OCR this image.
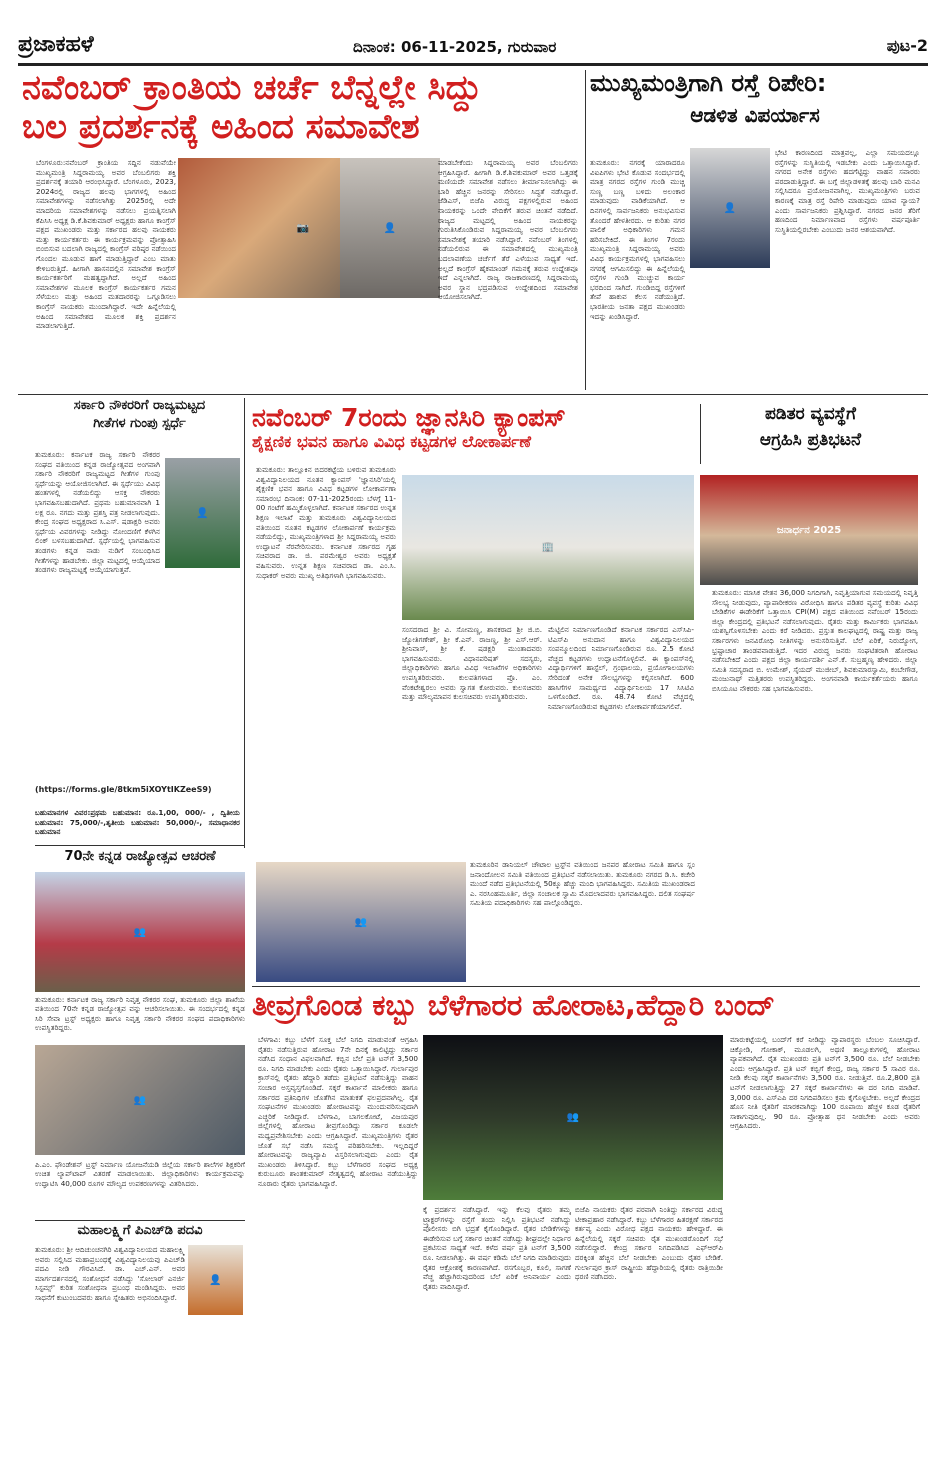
ಪ್ರಜಾಕಹಳೆ	ದಿನಾಂಕ: 06-11-2025, ಗುರುವಾರ	ಪುಟ-2
ನವೆಂಬರ್ ಕ್ರಾಂತಿಯ ಚರ್ಚೆ ಬೆನ್ನಲ್ಲೇ ಸಿದ್ದು
ಬಲ ಪ್ರದರ್ಶನಕ್ಕೆ ಅಹಿಂದ ಸಮಾವೇಶ
ಬೆಂಗಳೂರು:ನವೆಂಬರ್ ಕ್ರಾಂತಿಯ ಸದ್ದಿನ ನಡುವೆಯೇ ಮುಖ್ಯಮಂತ್ರಿ ಸಿದ್ದರಾಮಯ್ಯ ಅವರ ಬೆಂಬಲಿಗರು ಶಕ್ತಿ ಪ್ರದರ್ಶನಕ್ಕೆ ತಯಾರಿ ಆರಂಭಿಸಿದ್ದಾರೆ. ಬೆಂಗಳೂರು, 2023, 2024ರಲ್ಲಿ ರಾಜ್ಯದ ಹಲವು ಭಾಗಗಳಲ್ಲಿ ಅಹಿಂದ ಸಮಾವೇಶಗಳನ್ನು ನಡೆಸಲಾಗಿತ್ತು 2025ರಲ್ಲಿ ಅದೇ ಮಾದರಿಯ ಸಮಾವೇಶಗಳನ್ನು ನಡೆಸಲು ಪ್ರಯತ್ನಿಸಲಾಗಿ ಕೆಪಿಸಿಸಿ ಅಧ್ಯಕ್ಷ ಡಿ.ಕೆ.ಶಿವಕುಮಾರ್ ಅಧ್ಯಕ್ಷರು ಹಾಗೂ ಕಾಂಗ್ರೆಸ್ ಪಕ್ಷದ ಮುಖಂಡರು ಮತ್ತು ಸರ್ಕಾರದ ಹಲವು ನಾಯಕರು ಮತ್ತು ಕಾರ್ಯಕರ್ತರು ಈ ಕಾರ್ಯಕ್ರಮವನ್ನು ಪ್ರೋತ್ಸಾಹಿಸಿ ಬಿಂಬಿಸುವ ಬದಲಾಗಿ ರಾಜ್ಯದಲ್ಲಿ ಕಾಂಗ್ರೆಸ್ ವರಿಷ್ಠರ ನಡೆಯಿಂದ ಗೊಂದಲ ಮೂಡುವ ಹಾಗೆ ಮಾಡುತ್ತಿದ್ದಾರೆ ಎಂಬ ಮಾತು ಕೇಳಿಬರುತ್ತಿದೆ. ಹೀಗಾಗಿ ಹಾಸನದಲ್ಲಿನ ಸಮಾವೇಶ ಕಾಂಗ್ರೆಸ್ ಕಾರ್ಯಕರ್ತರಿಗೆ ಮಹತ್ವದ್ದಾಗಿದೆ. ಅಲ್ಲದೆ ಅಹಿಂದ ಸಮಾವೇಶಗಳ ಮೂಲಕ ಕಾಂಗ್ರೆಸ್ ಕಾರ್ಯಕರ್ತರ ಗಮನ ಸೆಳೆಯಲು ಮತ್ತು ಅಹಿಂದ ಮತದಾರರನ್ನು ಒಗ್ಗೂಡಿಸಲು ಕಾಂಗ್ರೆಸ್ ನಾಯಕರು ಮುಂದಾಗಿದ್ದಾರೆ. ಇದೇ ಹಿನ್ನೆಲೆಯಲ್ಲಿ ಅಹಿಂದ ಸಮಾವೇಶದ ಮೂಲಕ ಶಕ್ತಿ ಪ್ರದರ್ಶನ ಮಾಡಲಾಗುತ್ತಿದೆ.
📷	👤
ಮಾಡಬೇಕೆಂದು ಸಿದ್ದರಾಮಯ್ಯ ಅವರ ಬೆಂಬಲಿಗರು ಆಗ್ರಹಿಸಿದ್ದಾರೆ. ಹೀಗಾಗಿ ಡಿ.ಕೆ.ಶಿವಕುಮಾರ್ ಅವರ ಒತ್ತಡಕ್ಕೆ ಮಣಿಯದೇ ಸಮಾವೇಶ ನಡೆಸಲು ತೀರ್ಮಾನಿಸಲಾಗಿದ್ದು ಈ ಬಾರಿ ಹೆಚ್ಚಿನ ಜನರನ್ನು ಸೇರಿಸಲು ಸಿದ್ಧತೆ ನಡೆಸಿದ್ದಾರೆ. ಜೆಡಿಎಸ್, ಬಿಜೆಪಿ ವಿರುದ್ಧ ಪಕ್ಷಗಳಲ್ಲಿರುವ ಅಹಿಂದ ನಾಯಕರನ್ನು ಒಂದೇ ವೇದಿಕೆಗೆ ತರುವ ಚಿಂತನೆ ನಡೆದಿದೆ. ರಾಜ್ಯದ ಮಟ್ಟದಲ್ಲಿ ಅಹಿಂದ ನಾಯಕರನ್ನು ಗುರುತಿಸಿಕೊಂಡಿರುವ ಸಿದ್ದರಾಮಯ್ಯ ಅವರ ಬೆಂಬಲಿಗರು ಸಮಾವೇಶಕ್ಕೆ ತಯಾರಿ ನಡೆಸಿದ್ದಾರೆ. ನವೆಂಬರ್ ತಿಂಗಳಲ್ಲಿ ನಡೆಯಲಿರುವ ಈ ಸಮಾವೇಶದಲ್ಲಿ ಮುಖ್ಯಮಂತ್ರಿ ಬದಲಾವಣೆಯ ಚರ್ಚೆಗೆ ತೆರೆ ಎಳೆಯುವ ಸಾಧ್ಯತೆ ಇದೆ. ಅಲ್ಲದೆ ಕಾಂಗ್ರೆಸ್ ಹೈಕಮಾಂಡ್ ಗಮನಕ್ಕೆ ತರುವ ಉದ್ದೇಶವೂ ಇದೆ ಎನ್ನಲಾಗಿದೆ. ರಾಜ್ಯ ರಾಜಕಾರಣದಲ್ಲಿ ಸಿದ್ದರಾಮಯ್ಯ ಅವರ ಸ್ಥಾನ ಭದ್ರಪಡಿಸುವ ಉದ್ದೇಶದಿಂದ ಸಮಾವೇಶ ಆಯೋಜಿಸಲಾಗಿದೆ.
ಮುಖ್ಯಮಂತ್ರಿಗಾಗಿ ರಸ್ತೆ ರಿಪೇರಿ:
ಆಡಳಿತ ವಿಪರ್ಯಾಸ
ತುಮಕೂರು: ನಗರಕ್ಕೆ ಯಾರಾದರೂ ವಿಐಪಿಗಳು ಭೇಟಿ ಕೊಡುವ ಸಂದರ್ಭದಲ್ಲಿ ಮಾತ್ರ ನಗರದ ರಸ್ತೆಗಳ ಗುಂಡಿ ಮುಚ್ಚಿ ಸುಣ್ಣ ಬಣ್ಣ ಬಳಿದು ಅಲಂಕಾರ ಮಾಡುವುದು ವಾಡಿಕೆಯಾಗಿದೆ. ಆ ದಿನಗಳಲ್ಲಿ ಸಾರ್ವಜನಿಕರು ಅನುಭವಿಸುವ ತೊಂದರೆ ಹೇಳತೀರದು. ಆ ಕುರಿತು ನಗರ ಪಾಲಿಕೆ ಅಧಿಕಾರಿಗಳು ಗಮನ ಹರಿಸಬೇಕಿದೆ. ಈ ತಿಂಗಳ 7ರಂದು ಮುಖ್ಯಮಂತ್ರಿ ಸಿದ್ದರಾಮಯ್ಯ ಅವರು ವಿವಿಧ ಕಾರ್ಯಕ್ರಮಗಳಲ್ಲಿ ಭಾಗವಹಿಸಲು ನಗರಕ್ಕೆ ಆಗಮಿಸಲಿದ್ದು ಈ ಹಿನ್ನೆಲೆಯಲ್ಲಿ ರಸ್ತೆಗಳ ಗುಂಡಿ ಮುಚ್ಚುವ ಕಾರ್ಯ ಭರದಿಂದ ಸಾಗಿದೆ. ಗುಂಡಿಬಿದ್ದ ರಸ್ತೆಗಳಿಗೆ ತೇಪೆ ಹಾಕುವ ಕೆಲಸ ನಡೆಯುತ್ತಿದೆ. ಭಾರತೀಯ ಜನತಾ ಪಕ್ಷದ ಮುಖಂಡರು ಇದನ್ನು ಖಂಡಿಸಿದ್ದಾರೆ.
👤
ಭೇಟಿ ಕಾರಣದಿಂದ ಮಾತ್ರವಲ್ಲ, ಎಲ್ಲಾ ಸಮಯದಲ್ಲೂ ರಸ್ತೆಗಳನ್ನು ಸುಸ್ಥಿತಿಯಲ್ಲಿ ಇಡಬೇಕು ಎಂದು ಒತ್ತಾಯಿಸಿದ್ದಾರೆ. ನಗರದ ಅನೇಕ ರಸ್ತೆಗಳು ಹದಗೆಟ್ಟಿದ್ದು ವಾಹನ ಸವಾರರು ಪರದಾಡುತ್ತಿದ್ದಾರೆ. ಈ ಬಗ್ಗೆ ಜಿಲ್ಲಾಡಳಿತಕ್ಕೆ ಹಲವು ಬಾರಿ ಮನವಿ ಸಲ್ಲಿಸಿದರೂ ಪ್ರಯೋಜನವಾಗಿಲ್ಲ. ಮುಖ್ಯಮಂತ್ರಿಗಳು ಬರುವ ಕಾರಣಕ್ಕೆ ಮಾತ್ರ ರಸ್ತೆ ರಿಪೇರಿ ಮಾಡುವುದು ಯಾವ ನ್ಯಾಯ? ಎಂದು ಸಾರ್ವಜನಿಕರು ಪ್ರಶ್ನಿಸಿದ್ದಾರೆ. ನಗರದ ಜನರ ತೆರಿಗೆ ಹಣದಿಂದ ನಿರ್ಮಾಣವಾದ ರಸ್ತೆಗಳು ವರ್ಷಪೂರ್ತಿ ಸುಸ್ಥಿತಿಯಲ್ಲಿರಬೇಕು ಎಂಬುದು ಜನರ ಆಶಯವಾಗಿದೆ.
ಸರ್ಕಾರಿ ನೌಕರರಿಗೆ ರಾಜ್ಯಮಟ್ಟದ
ಗೀತೆಗಳ ಗುಂಪು ಸ್ಪರ್ಧೆ
ತುಮಕೂರು: ಕರ್ನಾಟಕ ರಾಜ್ಯ ಸರ್ಕಾರಿ ನೌಕರರ ಸಂಘದ ವತಿಯಿಂದ ಕನ್ನಡ ರಾಜ್ಯೋತ್ಸವದ ಅಂಗವಾಗಿ ಸರ್ಕಾರಿ ನೌಕರರಿಗೆ ರಾಜ್ಯಮಟ್ಟದ ಗೀತೆಗಳ ಗುಂಪು ಸ್ಪರ್ಧೆಯನ್ನು ಆಯೋಜಿಸಲಾಗಿದೆ. ಈ ಸ್ಪರ್ಧೆಯು ವಿವಿಧ ಹಂತಗಳಲ್ಲಿ ನಡೆಯಲಿದ್ದು ಆಸಕ್ತ ನೌಕರರು ಭಾಗವಹಿಸಬಹುದಾಗಿದೆ. ಪ್ರಥಮ ಬಹುಮಾನವಾಗಿ 1 ಲಕ್ಷ ರೂ. ನಗದು ಮತ್ತು ಪ್ರಶಸ್ತಿ ಪತ್ರ ನೀಡಲಾಗುವುದು. ಕೇಂದ್ರ ಸಂಘದ ಅಧ್ಯಕ್ಷರಾದ ಸಿ.ಎಸ್. ಷಡಾಕ್ಷರಿ ಅವರು ಸ್ಪರ್ಧೆಯ ವಿವರಗಳನ್ನು ನೀಡಿದ್ದು ನೋಂದಣಿಗೆ ಕೆಳಗಿನ ಲಿಂಕ್ ಬಳಸಬಹುದಾಗಿದೆ. ಸ್ಪರ್ಧೆಯಲ್ಲಿ ಭಾಗವಹಿಸುವ ತಂಡಗಳು ಕನ್ನಡ ನಾಡು ನುಡಿಗೆ ಸಂಬಂಧಿಸಿದ ಗೀತೆಗಳನ್ನು ಹಾಡಬೇಕು. ಜಿಲ್ಲಾ ಮಟ್ಟದಲ್ಲಿ ಆಯ್ಕೆಯಾದ ತಂಡಗಳು ರಾಜ್ಯಮಟ್ಟಕ್ಕೆ ಆಯ್ಕೆಯಾಗುತ್ತವೆ.
👤
(https://forms.gle/8tkm5iXOYtIKZeeS9)
ಬಹುಮಾನಗಳ ವಿವರ:ಪ್ರಥಮ ಬಹುಮಾನ: ರೂ.1,00, 000/- , ದ್ವಿತೀಯ ಬಹುಮಾನ: 75,000/-,ತೃತೀಯ ಬಹುಮಾನ: 50,000/-, ಸಮಾಧಾನಕರ ಬಹುಮಾನ
70ನೇ ಕನ್ನಡ ರಾಜ್ಯೋತ್ಸವ ಆಚರಣೆ
👥
ತುಮಕೂರು: ಕರ್ನಾಟಕ ರಾಜ್ಯ ಸರ್ಕಾರಿ ನಿವೃತ್ತ ನೌಕರರ ಸಂಘ, ತುಮಕೂರು ಜಿಲ್ಲಾ ಶಾಖೆಯ ವತಿಯಿಂದ 70ನೇ ಕನ್ನಡ ರಾಜ್ಯೋತ್ಸವ ವನ್ನು ಆಚರಿಸಲಾಯಿತು. ಈ ಸಂದರ್ಭದಲ್ಲಿ ಕನ್ನಡ ಸಿರಿ ಸೇವಾ ಟ್ರಸ್ಟ್ ಅಧ್ಯಕ್ಷರು ಹಾಗೂ ನಿವೃತ್ತ ಸರ್ಕಾರಿ ನೌಕರರ ಸಂಘದ ಪದಾಧಿಕಾರಿಗಳು ಉಪಸ್ಥಿತರಿದ್ದರು.
👥
ಪಿ.ಎಂ. ಫೌಂಡೇಶನ್ ಟ್ರಸ್ಟ್ ನಿರ್ಮಾಣ ಯೋಜನೆಯಡಿ ಜಿಲ್ಲೆಯ ಸರ್ಕಾರಿ ಶಾಲೆಗಳ ಶಿಕ್ಷಕರಿಗೆ ಉಚಿತ ಲ್ಯಾಪ್‌ಟಾಪ್ ವಿತರಣೆ ಮಾಡಲಾಯಿತು. ಜಿಲ್ಲಾಧಿಕಾರಿಗಳು ಕಾರ್ಯಕ್ರಮವನ್ನು ಉದ್ಘಾಟಿಸಿ 40,000 ರೂಗಳ ಮೌಲ್ಯದ ಉಪಕರಣಗಳನ್ನು ವಿತರಿಸಿದರು.
ಮಹಾಲಕ್ಷ್ಮಿಗೆ ಪಿಎಚ್‌ಡಿ ಪದವಿ
ತುಮಕೂರು: ಶ್ರೀ ಆದಿಚುಂಚನಗಿರಿ ವಿಶ್ವವಿದ್ಯಾನಿಲಯದ ಮಹಾಲಕ್ಷ್ಮಿ ಅವರು ಸಲ್ಲಿಸಿದ ಮಹಾಪ್ರಬಂಧಕ್ಕೆ ವಿಶ್ವವಿದ್ಯಾನಿಲಯವು ಪಿಎಚ್‌ಡಿ ಪದವಿ ನೀಡಿ ಗೌರವಿಸಿದೆ. ಡಾ. ಎಚ್.ಎನ್. ಅವರ ಮಾರ್ಗದರ್ಶನದಲ್ಲಿ ಸಂಶೋಧನೆ ನಡೆಸಿದ್ದು 'ಸೋಲಾರ್ ಎನರ್ಜಿ ಸಿಸ್ಟಮ್ಸ್' ಕುರಿತ ಸಂಶೋಧನಾ ಪ್ರಬಂಧ ಮಂಡಿಸಿದ್ದರು. ಅವರ ಸಾಧನೆಗೆ ಕುಟುಂಬದವರು ಹಾಗೂ ಸ್ನೇಹಿತರು ಅಭಿನಂದಿಸಿದ್ದಾರೆ.
👤
ನವೆಂಬರ್ 7ರಂದು ಜ್ಞಾನಸಿರಿ ಕ್ಯಾಂಪಸ್
ಶೈಕ್ಷಣಿಕ ಭವನ ಹಾಗೂ ವಿವಿಧ ಕಟ್ಟಡಗಳ ಲೋಕಾರ್ಪಣೆ
ತುಮಕೂರು: ತಾಲ್ಲೂಕಿನ ಬಿದರಕಟ್ಟೆಯ ಬಳಿರುವ ತುಮಕೂರು ವಿಶ್ವವಿದ್ಯಾನಿಲಯದ ನೂತನ ಕ್ಯಾಂಪಸ್ 'ಜ್ಞಾನಸಿರಿ'ಯಲ್ಲಿ ಶೈಕ್ಷಣಿಕ ಭವನ ಹಾಗೂ ವಿವಿಧ ಕಟ್ಟಡಗಳ ಲೋಕಾರ್ಪಣಾ ಸಮಾರಂಭ ದಿನಾಂಕ: 07-11-2025ರಂದು ಬೆಳಗ್ಗೆ 11-00 ಗಂಟೆಗೆ ಹಮ್ಮಿಕೊಳ್ಳಲಾಗಿದೆ. ಕರ್ನಾಟಕ ಸರ್ಕಾರದ ಉನ್ನತ ಶಿಕ್ಷಣ ಇಲಾಖೆ ಮತ್ತು ತುಮಕೂರು ವಿಶ್ವವಿದ್ಯಾನಿಲಯದ ವತಿಯಿಂದ ನೂತನ ಕಟ್ಟಡಗಳ ಲೋಕಾರ್ಪಣೆ ಕಾರ್ಯಕ್ರಮ ನಡೆಯಲಿದ್ದು, ಮುಖ್ಯಮಂತ್ರಿಗಳಾದ ಶ್ರೀ ಸಿದ್ದರಾಮಯ್ಯ ಅವರು ಉದ್ಘಾಟನೆ ನೆರವೇರಿಸುವರು. ಕರ್ನಾಟಕ ಸರ್ಕಾರದ ಗೃಹ ಸಚಿವರಾದ ಡಾ. ಜಿ. ಪರಮೇಶ್ವರ ಅವರು ಅಧ್ಯಕ್ಷತೆ ವಹಿಸುವರು. ಉನ್ನತ ಶಿಕ್ಷಣ ಸಚಿವರಾದ ಡಾ. ಎಂ.ಸಿ. ಸುಧಾಕರ್ ಅವರು ಮುಖ್ಯ ಅತಿಥಿಗಳಾಗಿ ಭಾಗವಹಿಸುವರು.
🏢
ಸಂಸದರಾದ ಶ್ರೀ ವಿ. ಸೋಮಣ್ಣ, ಶಾಸಕರಾದ ಶ್ರೀ ಜಿ.ಬಿ. ಜ್ಯೋತಿಗಣೇಶ್, ಶ್ರೀ ಕೆ.ಎನ್. ರಾಜಣ್ಣ, ಶ್ರೀ ಎಸ್.ಆರ್. ಶ್ರೀನಿವಾಸ್, ಶ್ರೀ ಕೆ. ಷಡಕ್ಷರಿ ಮುಂತಾದವರು ಭಾಗವಹಿಸುವರು. ವಿಧಾನಪರಿಷತ್ ಸದಸ್ಯರು, ಜಿಲ್ಲಾಧಿಕಾರಿಗಳು ಹಾಗೂ ವಿವಿಧ ಇಲಾಖೆಗಳ ಅಧಿಕಾರಿಗಳು ಉಪಸ್ಥಿತರಿರುವರು. ಕುಲಪತಿಗಳಾದ ಪ್ರೊ. ಎಂ. ವೆಂಕಟೇಶ್ವರಲು ಅವರು ಸ್ವಾಗತ ಕೋರುವರು. ಕುಲಸಚಿವರು ಮತ್ತು ಮೌಲ್ಯಮಾಪನ ಕುಲಸಚಿವರು ಉಪಸ್ಥಿತರಿರುವರು.
ಮೆಟ್ಟಿಲಿನ ನಿರ್ಮಾಣಗೊಂಡಿದೆ ಕರ್ನಾಟಕ ಸರ್ಕಾರದ ಎಸ್‌ಸಿಪಿ-ಟಿಎಸ್‌ಪಿ ಅನುದಾನ ಹಾಗೂ ವಿಶ್ವವಿದ್ಯಾನಿಲಯದ ಸಂಪನ್ಮೂಲದಿಂದ ನಿರ್ಮಾಣಗೊಂಡಿರುವ ರೂ. 2.5 ಕೋಟಿ ವೆಚ್ಚದ ಕಟ್ಟಡಗಳು ಉದ್ಘಾಟನೆಗೊಳ್ಳಲಿವೆ. ಈ ಕ್ಯಾಂಪಸ್‌ನಲ್ಲಿ ವಿದ್ಯಾರ್ಥಿಗಳಿಗೆ ಹಾಸ್ಟೆಲ್, ಗ್ರಂಥಾಲಯ, ಪ್ರಯೋಗಾಲಯಗಳು ಸೇರಿದಂತೆ ಅನೇಕ ಸೌಲಭ್ಯಗಳನ್ನು ಕಲ್ಪಿಸಲಾಗಿದೆ. 600 ಹಾಸಿಗೆಗಳ ಸಾಮರ್ಥ್ಯದ ವಿದ್ಯಾರ್ಥಿನಿಲಯ 17 ಸಿಸಿಟಿವಿ ಒಳಗೊಂಡಿದೆ. ರೂ. 48.74 ಕೋಟಿ ವೆಚ್ಚದಲ್ಲಿ ನಿರ್ಮಾಣಗೊಂಡಿರುವ ಕಟ್ಟಡಗಳು ಲೋಕಾರ್ಪಣೆಯಾಗಲಿವೆ.
👥
ತುಮಕೂರಿನ ಡಾನಿಯಲ್ ಚೌಟಾಲ ಟ್ರಸ್ಟ್‌ನ ವತಿಯಿಂದ ಜನಪರ ಹೋರಾಟ ಸಮಿತಿ ಹಾಗೂ ಸ್ಲಂ ಜನಾಂದೋಲನ ಸಮಿತಿ ವತಿಯಿಂದ ಪ್ರತಿಭಟನೆ ನಡೆಸಲಾಯಿತು. ತುಮಕೂರು ನಗರದ ಡಿ.ಸಿ. ಕಚೇರಿ ಮುಂದೆ ನಡೆದ ಪ್ರತಿಭಟನೆಯಲ್ಲಿ 50ಕ್ಕೂ ಹೆಚ್ಚು ಮಂದಿ ಭಾಗವಹಿಸಿದ್ದರು. ಸಮಿತಿಯ ಮುಖಂಡರಾದ ಎ. ನರಸಿಂಹಮೂರ್ತಿ, ಜಿಲ್ಲಾ ಸಂಚಾಲಕ ಸ್ವಾಮಿ ಮೊದಲಾದವರು ಭಾಗವಹಿಸಿದ್ದರು. ದಲಿತ ಸಂಘರ್ಷ ಸಮಿತಿಯ ಪದಾಧಿಕಾರಿಗಳು ಸಹ ಪಾಲ್ಗೊಂಡಿದ್ದರು.
ಪಡಿತರ ವ್ಯವಸ್ಥೆಗೆ
ಆಗ್ರಹಿಸಿ ಪ್ರತಿಭಟನೆ
ಜನಾರ್ಧನ 2025
ತುಮಕೂರು: ಮಾಸಿಕ ವೇತನ 36,000 ನಿಗದಿಗಾಗಿ, ನಿವೃತ್ತಿಯಾಗುವ ಸಮಯದಲ್ಲಿ ನಿವೃತ್ತಿ ಸೌಲಭ್ಯ ನೀಡುವುದು, ವ್ಯಾಪಾರೀಕರಣ ವಿರೋಧಿಸಿ ಹಾಗೂ ಪಡಿತರ ವ್ಯವಸ್ಥೆ ಕುರಿತು ವಿವಿಧ ಬೇಡಿಕೆಗಳ ಈಡೇರಿಕೆಗೆ ಒತ್ತಾಯಿಸಿ CPI(M) ಪಕ್ಷದ ವತಿಯಿಂದ ನವೆಂಬರ್ 15ರಂದು ಜಿಲ್ಲಾ ಕೇಂದ್ರದಲ್ಲಿ ಪ್ರತಿಭಟನೆ ನಡೆಸಲಾಗುವುದು. ರೈತರು ಮತ್ತು ಕಾರ್ಮಿಕರು ಭಾಗವಹಿಸಿ ಯಶಸ್ವಿಗೊಳಿಸಬೇಕು ಎಂದು ಕರೆ ನೀಡಿದರು. ಪ್ರಸ್ತುತ ಕಾಲಘಟ್ಟದಲ್ಲಿ ರಾಷ್ಟ್ರ ಮತ್ತು ರಾಜ್ಯ ಸರ್ಕಾರಗಳು ಜನವಿರೋಧಿ ನೀತಿಗಳನ್ನು ಅನುಸರಿಸುತ್ತಿವೆ. ಬೆಲೆ ಏರಿಕೆ, ನಿರುದ್ಯೋಗ, ಭ್ರಷ್ಟಾಚಾರ ತಾಂಡವವಾಡುತ್ತಿದೆ. ಇದರ ವಿರುದ್ಧ ಜನರು ಸಂಘಟಿತರಾಗಿ ಹೋರಾಟ ನಡೆಸಬೇಕಿದೆ ಎಂದು ಪಕ್ಷದ ಜಿಲ್ಲಾ ಕಾರ್ಯದರ್ಶಿ ಎನ್.ಕೆ. ಸುಬ್ರಹ್ಮಣ್ಯ ಹೇಳಿದರು. ಜಿಲ್ಲಾ ಸಮಿತಿ ಸದಸ್ಯರಾದ ಬಿ. ಉಮೇಶ್, ಸೈಯದ್ ಮುಜೀಬ್, ಶಿವಕುಮಾರಸ್ವಾಮಿ, ಕಂಬೇಗೌಡ, ಮಂಜುನಾಥ್ ಮತ್ತಿತರರು ಉಪಸ್ಥಿತರಿದ್ದರು. ಅಂಗನವಾಡಿ ಕಾರ್ಯಕರ್ತೆಯರು ಹಾಗೂ ಬಿಸಿಯೂಟ ನೌಕರರು ಸಹ ಭಾಗವಹಿಸುವರು.
ತೀವ್ರಗೊಂಡ ಕಬ್ಬು ಬೆಳೆಗಾರರ ಹೋರಾಟ,ಹೆದ್ದಾರಿ ಬಂದ್
ಬೆಳಗಾವಿ: ಕಬ್ಬು ಬೆಳೆಗೆ ಸೂಕ್ತ ಬೆಲೆ ನಿಗದಿ ಮಾಡುವಂತೆ ಆಗ್ರಹಿಸಿ ರೈತರು ನಡೆಸುತ್ತಿರುವ ಹೋರಾಟ 7ನೇ ದಿನಕ್ಕೆ ಕಾಲಿಟ್ಟಿದ್ದು ಸರ್ಕಾರ ನಡೆಸಿದ ಸಂಧಾನ ವಿಫಲವಾಗಿದೆ. ಕಬ್ಬಿನ ಬೆಲೆ ಪ್ರತಿ ಟನ್‌ಗೆ 3,500 ರೂ. ನಿಗದಿ ಮಾಡಬೇಕು ಎಂದು ರೈತರು ಒತ್ತಾಯಿಸಿದ್ದಾರೆ. ಗುರ್ಲಾಪುರ ಕ್ರಾಸ್‌ನಲ್ಲಿ ರೈತರು ಹೆದ್ದಾರಿ ತಡೆದು ಪ್ರತಿಭಟನೆ ನಡೆಸುತ್ತಿದ್ದು ವಾಹನ ಸಂಚಾರ ಅಸ್ತವ್ಯಸ್ತಗೊಂಡಿದೆ. ಸಕ್ಕರೆ ಕಾರ್ಖಾನೆ ಮಾಲೀಕರು ಹಾಗೂ ಸರ್ಕಾರದ ಪ್ರತಿನಿಧಿಗಳ ಜೊತೆಗಿನ ಮಾತುಕತೆ ಫಲಪ್ರದವಾಗಿಲ್ಲ. ರೈತ ಸಂಘಟನೆಗಳ ಮುಖಂಡರು ಹೋರಾಟವನ್ನು ಮುಂದುವರಿಸುವುದಾಗಿ ಎಚ್ಚರಿಕೆ ನೀಡಿದ್ದಾರೆ. ಬೆಳಗಾವಿ, ಬಾಗಲಕೋಟೆ, ವಿಜಯಪುರ ಜಿಲ್ಲೆಗಳಲ್ಲಿ ಹೋರಾಟ ತೀವ್ರಗೊಂಡಿದ್ದು ಸರ್ಕಾರ ಕೂಡಲೇ ಮಧ್ಯಪ್ರವೇಶಿಸಬೇಕು ಎಂದು ಆಗ್ರಹಿಸಿದ್ದಾರೆ. ಮುಖ್ಯಮಂತ್ರಿಗಳು ರೈತರ ಜೊತೆ ಸಭೆ ನಡೆಸಿ ಸಮಸ್ಯೆ ಪರಿಹರಿಸಬೇಕು. ಇಲ್ಲದಿದ್ದರೆ ಹೋರಾಟವನ್ನು ರಾಜ್ಯವ್ಯಾಪಿ ವಿಸ್ತರಿಸಲಾಗುವುದು ಎಂದು ರೈತ ಮುಖಂಡರು ತಿಳಿಸಿದ್ದಾರೆ. ಕಬ್ಬು ಬೆಳೆಗಾರರ ಸಂಘದ ಅಧ್ಯಕ್ಷ ಕುರುಬೂರು ಶಾಂತಕುಮಾರ್ ನೇತೃತ್ವದಲ್ಲಿ ಹೋರಾಟ ನಡೆಯುತ್ತಿದ್ದು ನೂರಾರು ರೈತರು ಭಾಗವಹಿಸಿದ್ದಾರೆ.
👥
ಕ್ಕೆ ಪ್ರದರ್ಶನ ನಡೆಸಿದ್ದಾರೆ. ಇನ್ನು ಕೆಲವು ರೈತರು ತಮ್ಮ ಟ್ರ್ಯಾಕ್ಟರ್‌ಗಳನ್ನು ರಸ್ತೆಗೆ ತಂದು ನಿಲ್ಲಿಸಿ ಪ್ರತಿಭಟನೆ ನಡೆಸಿದ್ದು ಪೊಲೀಸರು ಬಿಗಿ ಭದ್ರತೆ ಕೈಗೊಂಡಿದ್ದಾರೆ. ರೈತರ ಬೇಡಿಕೆಗಳನ್ನು ಈಡೇರಿಸುವ ಬಗ್ಗೆ ಸರ್ಕಾರ ಚಿಂತನೆ ನಡೆಸಿದ್ದು ಶೀಘ್ರದಲ್ಲೇ ನಿರ್ಧಾರ ಪ್ರಕಟಿಸುವ ಸಾಧ್ಯತೆ ಇದೆ. ಕಳೆದ ವರ್ಷ ಪ್ರತಿ ಟನ್‌ಗೆ 3,500 ರೂ. ನೀಡಲಾಗಿತ್ತು. ಈ ವರ್ಷ ಕಡಿಮೆ ಬೆಲೆ ನಿಗದಿ ಮಾಡಿರುವುದು ರೈತರ ಆಕ್ರೋಶಕ್ಕೆ ಕಾರಣವಾಗಿದೆ. ರಸಗೊಬ್ಬರ, ಕೂಲಿ, ಸಾಗಣೆ ವೆಚ್ಚ ಹೆಚ್ಚಾಗಿರುವುದರಿಂದ ಬೆಲೆ ಏರಿಕೆ ಅನಿವಾರ್ಯ ಎಂದು ರೈತರು ವಾದಿಸಿದ್ದಾರೆ.
ಬಿಜೆಪಿ ನಾಯಕರು ರೈತರ ಪರವಾಗಿ ನಿಂತಿದ್ದು ಸರ್ಕಾರದ ವಿರುದ್ಧ ಟೀಕಾಪ್ರಹಾರ ನಡೆಸಿದ್ದಾರೆ. ಕಬ್ಬು ಬೆಳೆಗಾರರ ಹಿತರಕ್ಷಣೆ ಸರ್ಕಾರದ ಕರ್ತವ್ಯ ಎಂದು ವಿರೋಧ ಪಕ್ಷದ ನಾಯಕರು ಹೇಳಿದ್ದಾರೆ. ಈ ಹಿನ್ನೆಲೆಯಲ್ಲಿ ಸಕ್ಕರೆ ಸಚಿವರು ರೈತ ಮುಖಂಡರೊಂದಿಗೆ ಸಭೆ ನಡೆಸಲಿದ್ದಾರೆ. ಕೇಂದ್ರ ಸರ್ಕಾರ ನಿಗದಿಪಡಿಸಿದ ಎಫ್‌ಆರ್‌ಪಿ ದರಕ್ಕಿಂತ ಹೆಚ್ಚಿನ ಬೆಲೆ ನೀಡಬೇಕು ಎಂಬುದು ರೈತರ ಬೇಡಿಕೆ. ಗುರ್ಲಾಪುರ ಕ್ರಾಸ್ ರಾಷ್ಟ್ರೀಯ ಹೆದ್ದಾರಿಯಲ್ಲಿ ರೈತರು ರಾತ್ರಿಯಿಡೀ ಧರಣಿ ನಡೆಸಿದರು.
ಮಾರುಕಟ್ಟೆಯಲ್ಲಿ ಬಂದ್‌ಗೆ ಕರೆ ನೀಡಿದ್ದು ವ್ಯಾಪಾರಸ್ಥರು ಬೆಂಬಲ ಸೂಚಿಸಿದ್ದಾರೆ. ಚಿಕ್ಕೋಡಿ, ಗೋಕಾಕ್, ಮೂಡಲಗಿ, ಅಥಣಿ ತಾಲ್ಲೂಕುಗಳಲ್ಲಿ ಹೋರಾಟ ವ್ಯಾಪಕವಾಗಿದೆ. ರೈತ ಮುಖಂಡರು ಪ್ರತಿ ಟನ್‌ಗೆ 3,500 ರೂ. ಬೆಲೆ ನೀಡಬೇಕು ಎಂದು ಆಗ್ರಹಿಸಿದ್ದಾರೆ. ಪ್ರತಿ ಟನ್ ಕಬ್ಬಿಗೆ ಕೇಂದ್ರ, ರಾಜ್ಯ ಸರ್ಕಾರ 5 ಸಾವಿರ ರೂ. ನೀಡಿ ಕೆಲವು ಸಕ್ಕರೆ ಕಾರ್ಖಾನೆಗಳು 3,500 ರೂ. ನೀಡುತ್ತಿವೆ. ರೂ.2,800 ಪ್ರತಿ ಟನ್‌ಗೆ ನೀಡಲಾಗುತ್ತಿದ್ದು 27 ಸಕ್ಕರೆ ಕಾರ್ಖಾನೆಗಳು ಈ ದರ ನಿಗದಿ ಮಾಡಿವೆ. 3,000 ರೂ. ಎಸ್‌ಎಪಿ ದರ ನಿಗದಿಪಡಿಸಲು ಕ್ರಮ ಕೈಗೊಳ್ಳಬೇಕು. ಅಲ್ಲದೆ ಕೇಂದ್ರದ ಹೊಸ ನೀತಿ ರೈತರಿಗೆ ಮಾರಕವಾಗಿದ್ದು 100 ರೂಪಾಯಿ ಹೆಚ್ಚಳ ಕೂಡ ರೈತರಿಗೆ ಸಾಕಾಗುವುದಿಲ್ಲ. 90 ರೂ. ಪ್ರೋತ್ಸಾಹ ಧನ ನೀಡಬೇಕು ಎಂದು ಅವರು ಆಗ್ರಹಿಸಿದರು.
